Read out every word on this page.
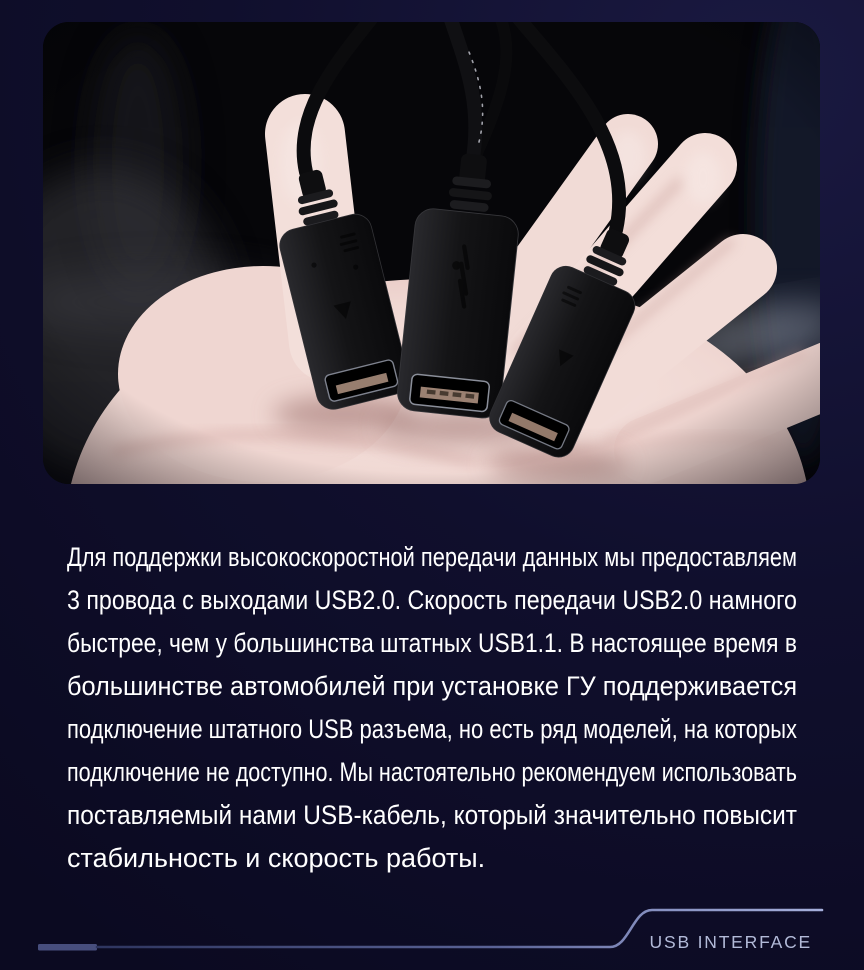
Для поддержки высокоскоростной передачи данных мы предоставляем
3 провода с выходами USB2.0. Скорость передачи USB2.0 намного
быстрее, чем у большинства штатных USB1.1. В настоящее время в
большинстве автомобилей при установке ГУ поддерживается
подключение штатного USB разъема, но есть ряд моделей, на которых
подключение не доступно. Мы настоятельно рекомендуем использовать
поставляемый нами USB-кабель, который значительно повысит
стабильность и скорость работы.
USB INTERFACE
